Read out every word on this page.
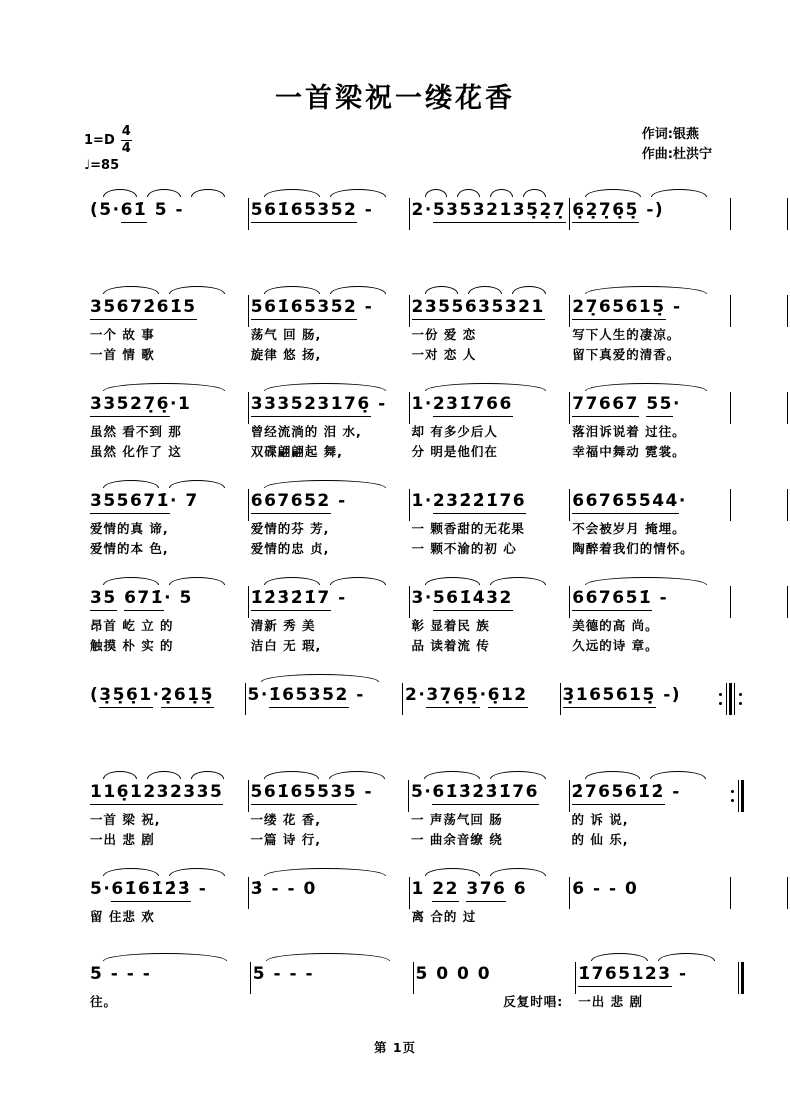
一首梁祝一缕花香
1=D
4
4
♩=85
作词:银燕
作曲:杜洪宁
(5·61̇ 5 -	561̇65352 -	2·53532135̣2̣7̣ 6̣2̣7̣6̣5̣ -)
35672̇61̇5
一个 故 事
一首 情 歌
561̇65352 -
荡气 回 肠,
旋律 悠 扬,
2355635321
一份 爱 恋
一对 恋 人
27̣65615̣ -
写下人生的凄凉。
留下真爱的清香。
33527̣6̣·1
虽然 看不到 那
虽然 化作了 这
333523176̣ -
曾经流淌的 泪 水,
双碟翩翩起 舞,
1·231̇766
却 有多少后人
分 明是他们在
77667 55·
落泪诉说着 过往。
幸福中舞动 霓裳。
355671̇· 7
爱情的真 谛,
爱情的本 色,
667652 -
爱情的芬 芳,
爱情的忠 贞,
1·232̇2̇1̇76
一 颗香甜的无花果
一 颗不渝的初 心
66765544·
不会被岁月 掩埋。
陶醉着我们的情怀。
35 671̇· 5
昂首 屹 立 的
触摸 朴 实 的
1̇2̇3̇2̇1̇7 -
清新 秀 美
洁白 无 瑕,
3·561̇432
彰 显着民 族
品 读着流 传
667651̇ -
美德的高 尚。
久远的诗 章。
(3̣5̣6̣1·2̣61̣5̣	5·1̇65352 -	2·37̣6̣5̣·6̣12	3̣165615̣ -)
116̣1232335
一首 梁 祝,
一出 悲 剧
561̇65535 -
一缕 花 香,
一篇 诗 行,
5·61̇3̇2̇3̇1̇76
一 声荡气回 肠
一 曲余音缭 绕
2̇76561̇2̇ -
的 诉 说,
的 仙 乐,
5·61̇61̇2̇3̇ -
留 住悲 欢
3̇ - - 0	1 22 376 6
离 合的 过
6 - - 0
5 - - -
往。
5 - - -	5 0 0 0
反复时唱:
1̇765123 -
一出 悲 剧
第 1页
